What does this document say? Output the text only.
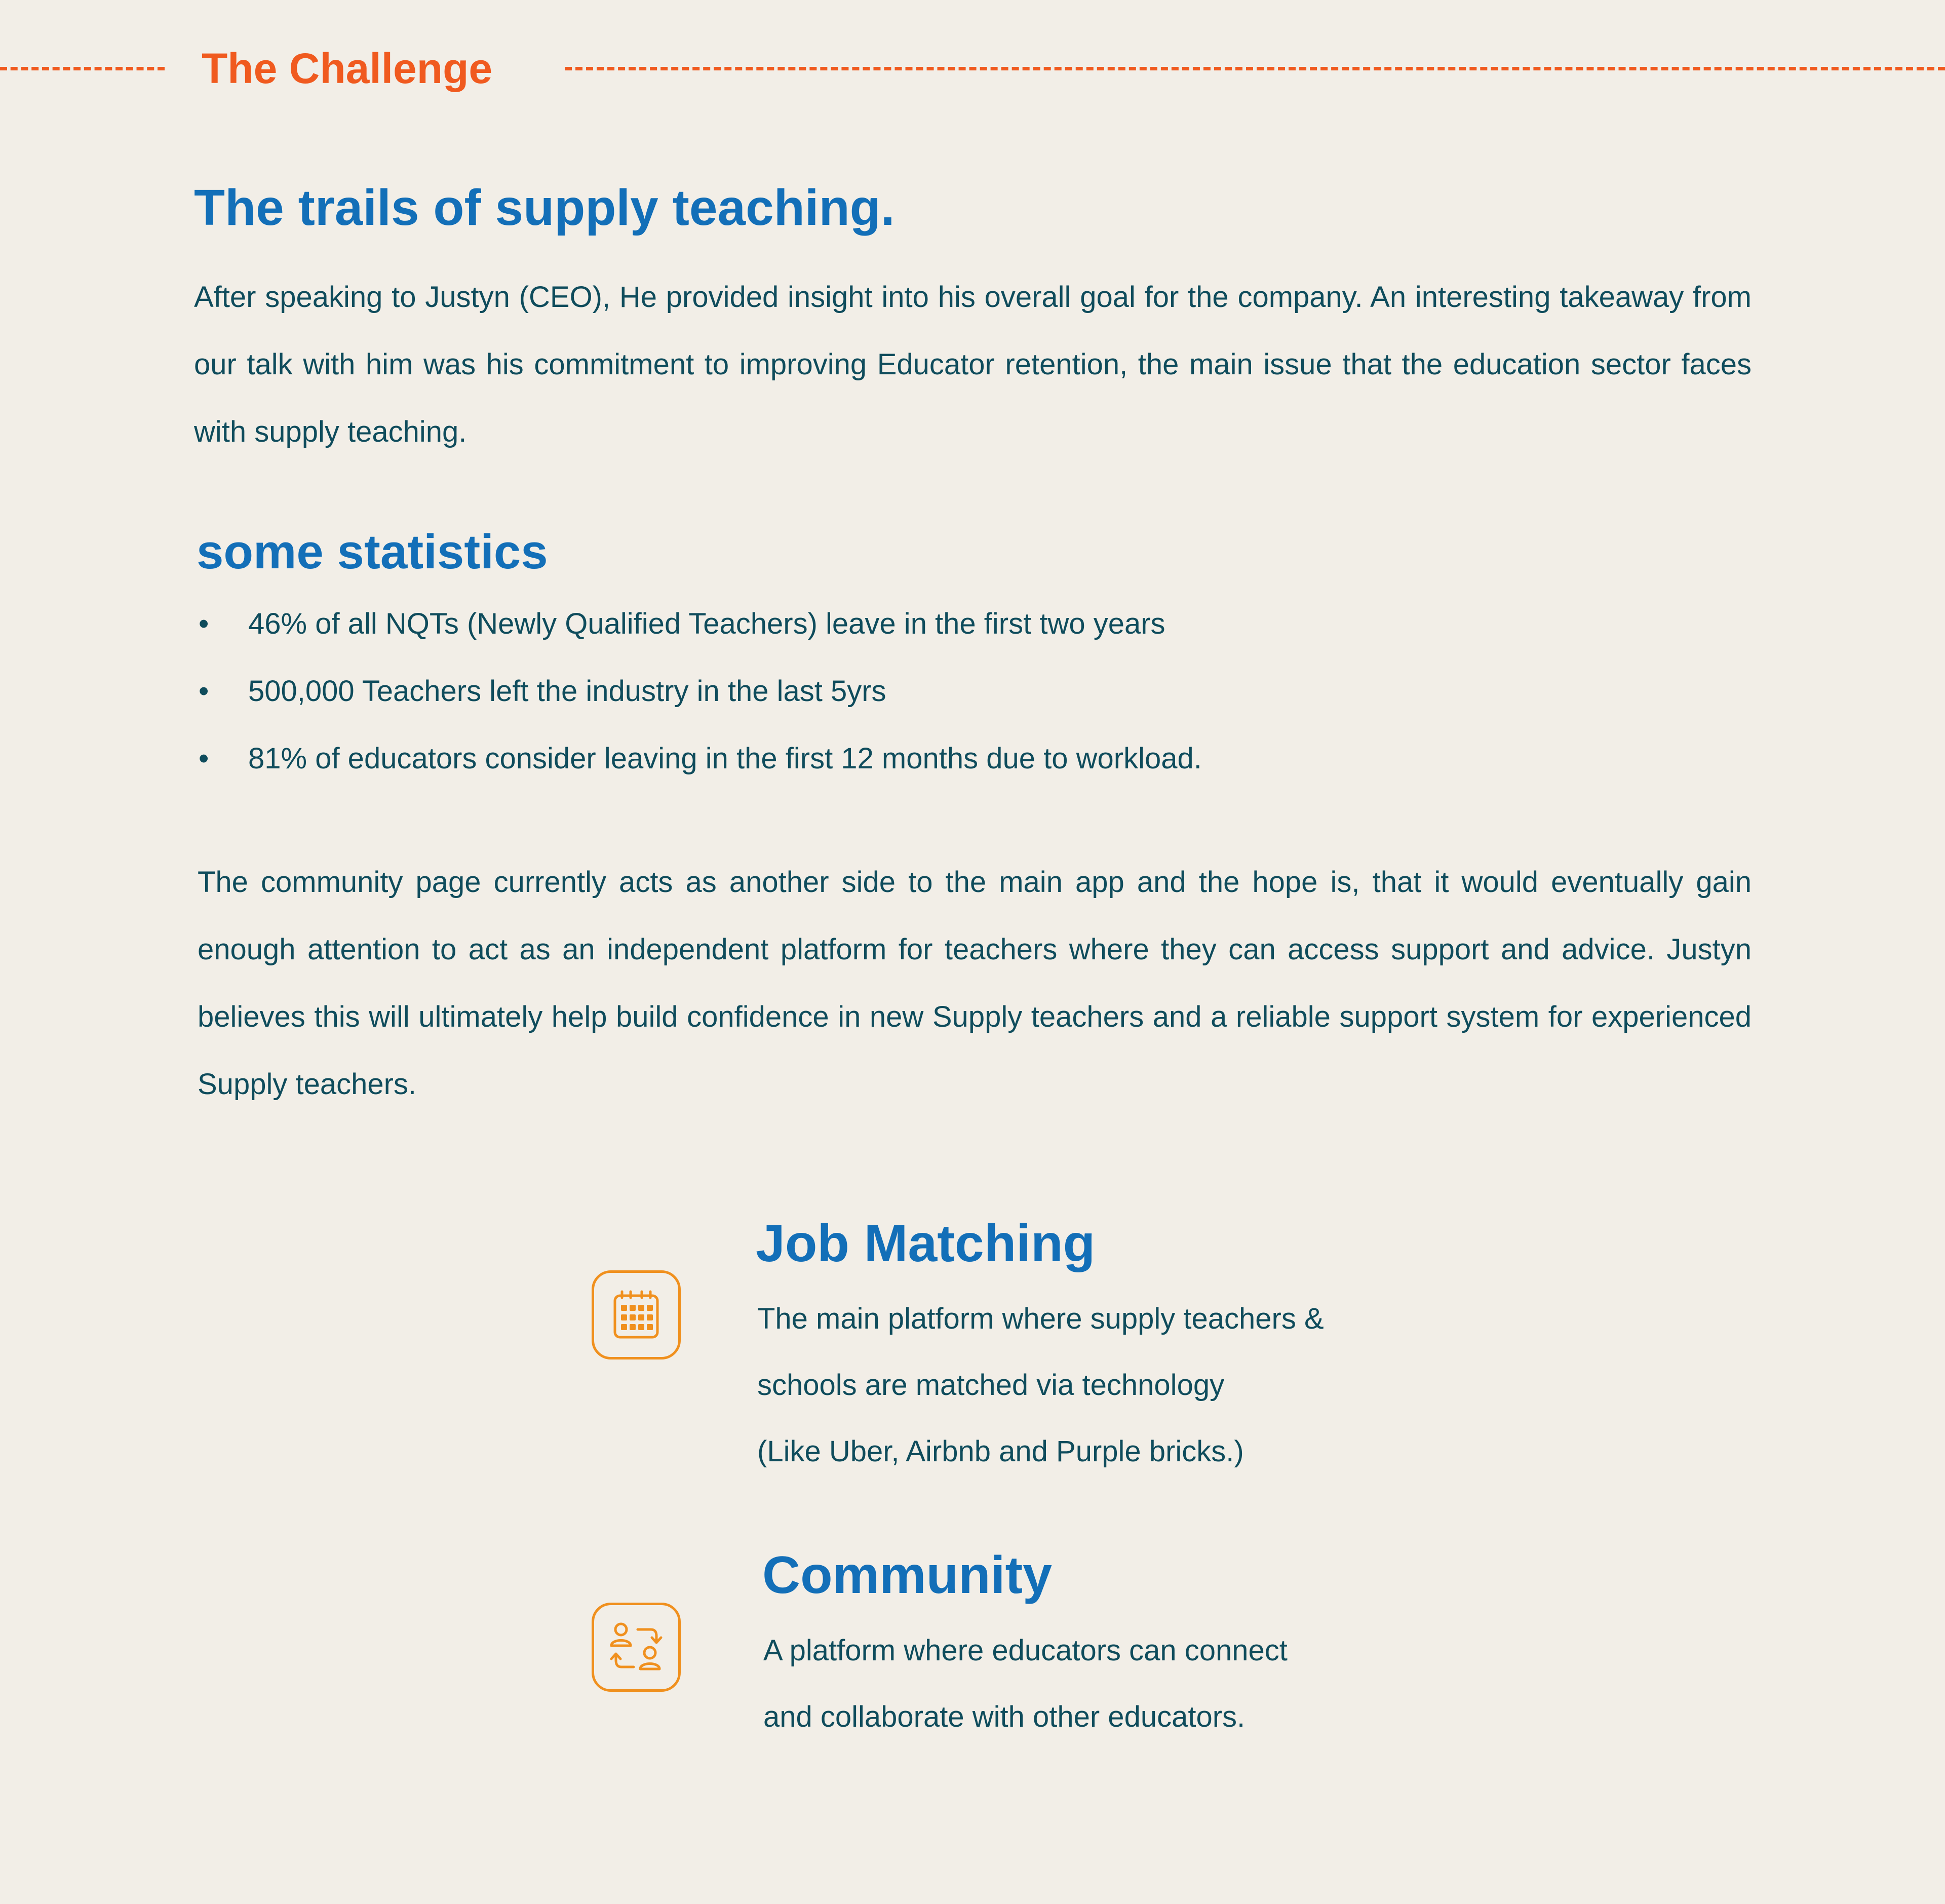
The Challenge
The trails of supply teaching.

After speaking to Justyn (CEO), He provided insight into his overall goal for the company. An interesting takeaway from our talk with him was his commitment to improving Educator retention, the main issue that the education sector faces with supply teaching.

some statistics
• 46% of all NQTs (Newly Qualified Teachers) leave in the first two years
• 500,000 Teachers left the industry in the last 5yrs
• 81% of educators consider leaving in the first 12 months due to workload.

The community page currently acts as another side to the main app and the hope is, that it would eventually gain enough attention to act as an independent platform for teachers where they can access support and advice. Justyn believes this will ultimately help build confidence in new Supply teachers and a reliable support system for experienced Supply teachers.

Job Matching
The main platform where supply teachers &
schools are matched via technology
(Like Uber, Airbnb and Purple bricks.)
Community
A platform where educators can connect
and collaborate with other educators.
